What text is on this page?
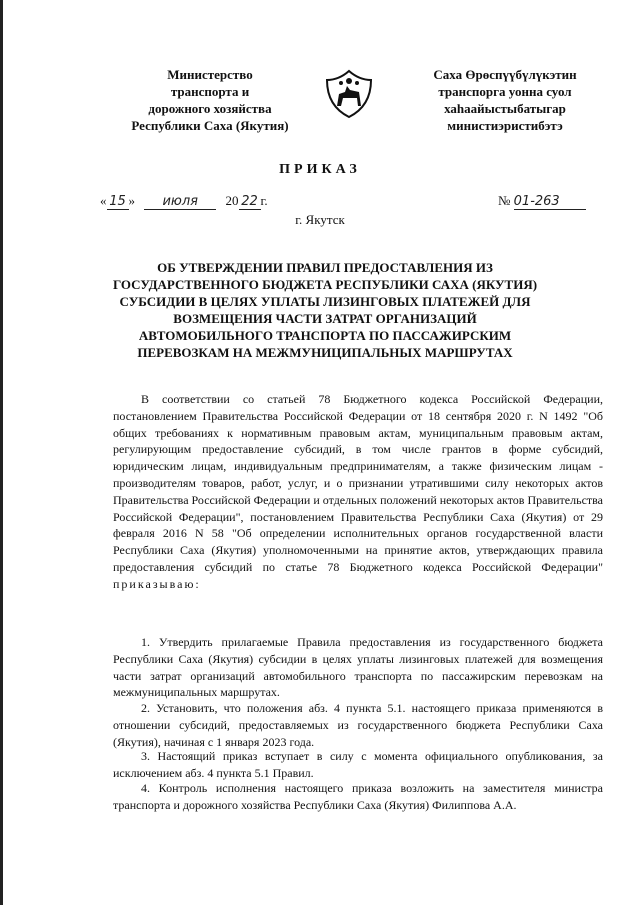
Министерство
транспорта и
дорожного хозяйства
Республики Саха (Якутия)
Саха Өрөспүүбүлүкэтин
транспорга уонна суол
хаһаайыстыбатыгар
министиэристибэтэ
ПРИКАЗ
« 15 » июля 20 22 г.	№ 01-263
г. Якутск
ОБ УТВЕРЖДЕНИИ ПРАВИЛ ПРЕДОСТАВЛЕНИЯ ИЗ
ГОСУДАРСТВЕННОГО БЮДЖЕТА РЕСПУБЛИКИ САХА (ЯКУТИЯ)
СУБСИДИИ В ЦЕЛЯХ УПЛАТЫ ЛИЗИНГОВЫХ ПЛАТЕЖЕЙ ДЛЯ
ВОЗМЕЩЕНИЯ ЧАСТИ ЗАТРАТ ОРГАНИЗАЦИЙ
АВТОМОБИЛЬНОГО ТРАНСПОРТА ПО ПАССАЖИРСКИМ
ПЕРЕВОЗКАМ НА МЕЖМУНИЦИПАЛЬНЫХ МАРШРУТАХ

В соответствии со статьей 78 Бюджетного кодекса Российской Федерации, постановлением Правительства Российской Федерации от 18 сентября 2020 г. N 1492 "Об общих требованиях к нормативным правовым актам, муниципальным правовым актам, регулирующим предоставление субсидий, в том числе грантов в форме субсидий, юридическим лицам, индивидуальным предпринимателям, а также физическим лицам - производителям товаров, работ, услуг, и о признании утратившими силу некоторых актов Правительства Российской Федерации и отдельных положений некоторых актов Правительства Российской Федерации", постановлением Правительства Республики Саха (Якутия) от 29 февраля 2016 N 58 "Об определении исполнительных органов государственной власти Республики Саха (Якутия) уполномоченными на принятие актов, утверждающих правила предоставления субсидий по статье 78 Бюджетного кодекса Российской Федерации" приказываю:

1. Утвердить прилагаемые Правила предоставления из государственного бюджета Республики Саха (Якутия) субсидии в целях уплаты лизинговых платежей для возмещения части затрат организаций автомобильного транспорта по пассажирским перевозкам на межмуниципальных маршрутах.

2. Установить, что положения абз. 4 пункта 5.1. настоящего приказа применяются в отношении субсидий, предоставляемых из государственного бюджета Республики Саха (Якутия), начиная с 1 января 2023 года.

3. Настоящий приказ вступает в силу с момента официального опубликования, за исключением абз. 4 пункта 5.1 Правил.

4. Контроль исполнения настоящего приказа возложить на заместителя министра транспорта и дорожного хозяйства Республики Саха (Якутия) Филиппова А.А.
